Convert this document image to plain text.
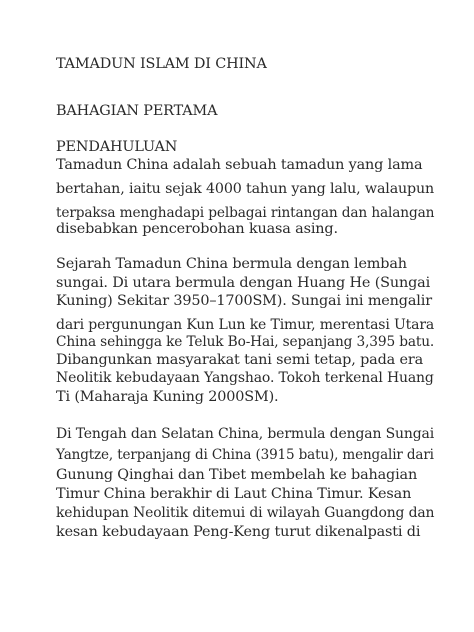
TAMADUN ISLAM DI CHINA
BAHAGIAN PERTAMA
PENDAHULUAN
Tamadun China adalah sebuah tamadun yang lama
bertahan, iaitu sejak 4000 tahun yang lalu, walaupun
terpaksa menghadapi pelbagai rintangan dan halangan
disebabkan pencerobohan kuasa asing.
Sejarah Tamadun China bermula dengan lembah
sungai. Di utara bermula dengan Huang He (Sungai
Kuning) Sekitar 3950–1700SM). Sungai ini mengalir
dari pergunungan Kun Lun ke Timur, merentasi Utara
China sehingga ke Teluk Bo-Hai, sepanjang 3,395 batu.
Dibangunkan masyarakat tani semi tetap, pada era
Neolitik kebudayaan Yangshao. Tokoh terkenal Huang
Ti (Maharaja Kuning 2000SM).
Di Tengah dan Selatan China, bermula dengan Sungai
Yangtze, terpanjang di China (3915 batu), mengalir dari
Gunung Qinghai dan Tibet membelah ke bahagian
Timur China berakhir di Laut China Timur. Kesan
kehidupan Neolitik ditemui di wilayah Guangdong dan
kesan kebudayaan Peng-Keng turut dikenalpasti di
